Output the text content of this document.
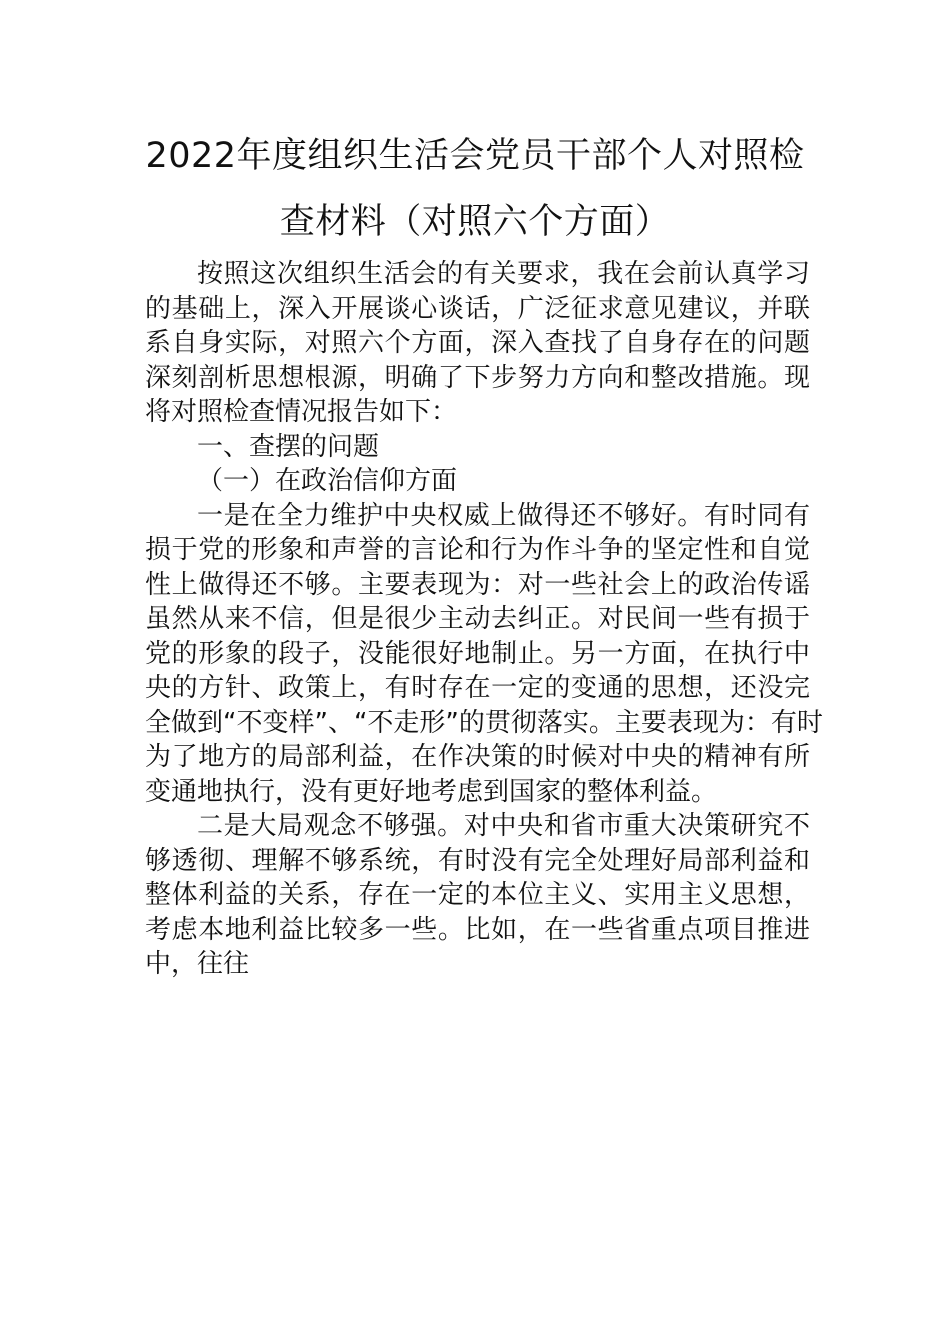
2022年度组织生活会党员干部个人对照检
查材料（对照六个方面）
按照这次组织生活会的有关要求，我在会前认真学习
的基础上，深入开展谈心谈话，广泛征求意见建议，并联
系自身实际，对照六个方面，深入查找了自身存在的问题
深刻剖析思想根源，明确了下步努力方向和整改措施。现
将对照检查情况报告如下：
一、查摆的问题
（一）在政治信仰方面
一是在全力维护中央权威上做得还不够好。有时同有
损于党的形象和声誉的言论和行为作斗争的坚定性和自觉
性上做得还不够。主要表现为：对一些社会上的政治传谣
虽然从来不信，但是很少主动去纠正。对民间一些有损于
党的形象的段子，没能很好地制止。另一方面，在执行中
央的方针、政策上，有时存在一定的变通的思想，还没完
全做到“不变样”、“不走形”的贯彻落实。主要表现为：有时
为了地方的局部利益，在作决策的时候对中央的精神有所
变通地执行，没有更好地考虑到国家的整体利益。
二是大局观念不够强。对中央和省市重大决策研究不
够透彻、理解不够系统，有时没有完全处理好局部利益和
整体利益的关系，存在一定的本位主义、实用主义思想，
考虑本地利益比较多一些。比如，在一些省重点项目推进
中，往往
